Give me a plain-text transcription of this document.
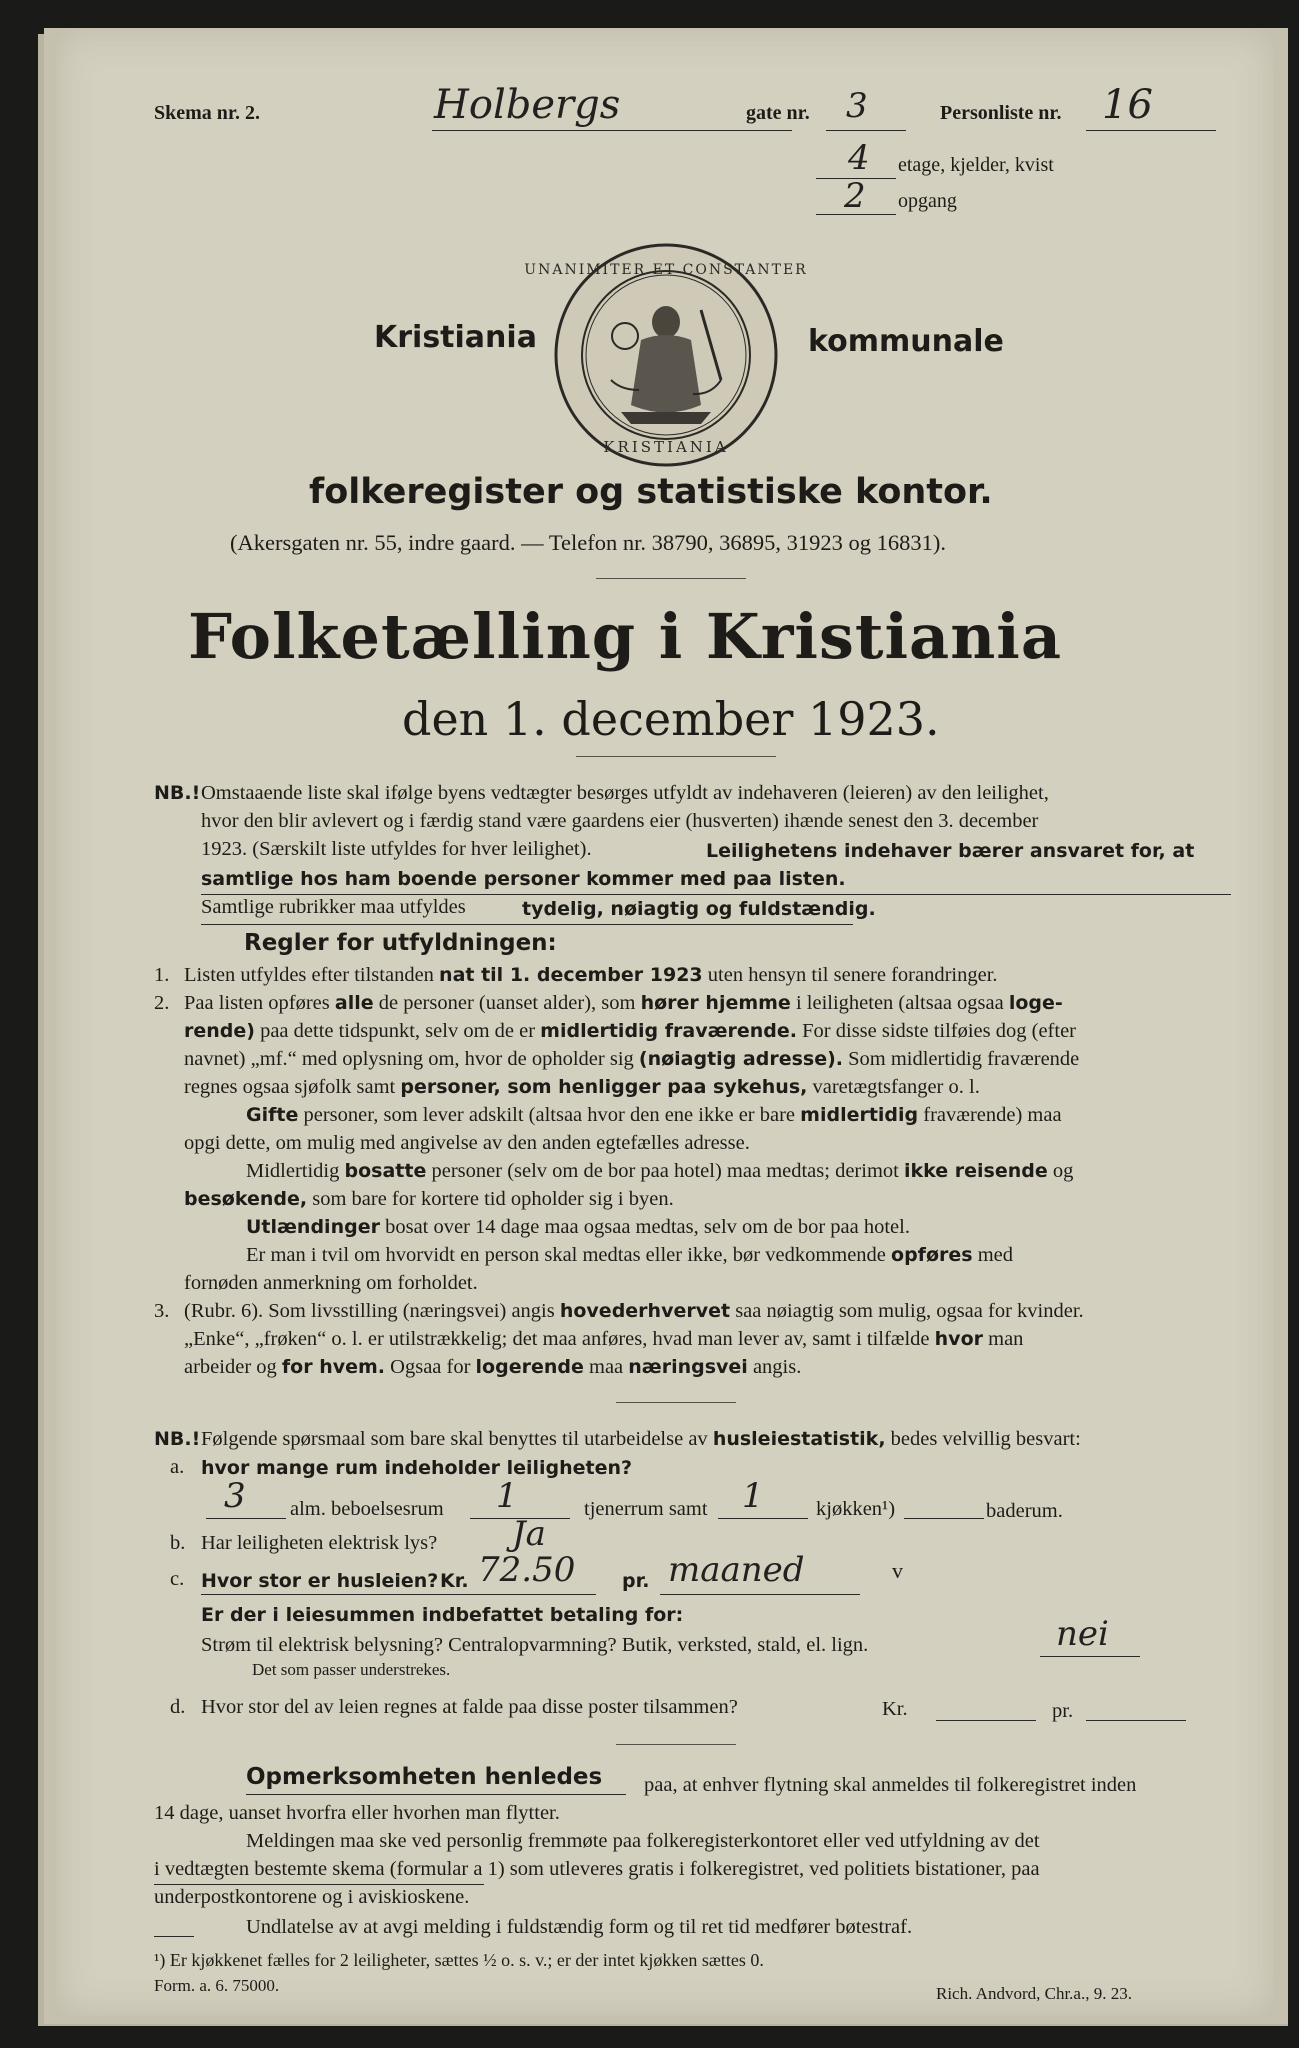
Skema nr. 2.	Holbergs	gate nr. 3	Personliste nr. 16
4 etage, kjelder, kvist
2 opgang
Kristiania	kommunale
UNANIMITER ET CONSTANTER
KRISTIANIA
folkeregister og statistiske kontor.
(Akersgaten nr. 55, indre gaard. — Telefon nr. 38790, 36895, 31923 og 16831).
Folketælling i Kristiania
den 1. december 1923.
NB.! Omstaaende liste skal ifølge byens vedtægter besørges utfyldt av indehaveren (leieren) av den leilighet,
hvor den blir avlevert og i færdig stand være gaardens eier (husverten) ihænde senest den 3. december
1923. (Særskilt liste utfyldes for hver leilighet).	Leilighetens indehaver bærer ansvaret for, at
samtlige hos ham boende personer kommer med paa listen.
Samtlige rubrikker maa utfyldes	tydelig, nøiagtig og fuldstændig.
Regler for utfyldningen:
1. Listen utfyldes efter tilstanden nat til 1. december 1923 uten hensyn til senere forandringer.
2. Paa listen opføres alle de personer (uanset alder), som hører hjemme i leiligheten (altsaa ogsaa loge-
rende) paa dette tidspunkt, selv om de er midlertidig fraværende. For disse sidste tilføies dog (efter
navnet) „mf.“ med oplysning om, hvor de opholder sig (nøiagtig adresse). Som midlertidig fraværende
regnes ogsaa sjøfolk samt personer, som henligger paa sykehus, varetægtsfanger o. l.
Gifte personer, som lever adskilt (altsaa hvor den ene ikke er bare midlertidig fraværende) maa
opgi dette, om mulig med angivelse av den anden egtefælles adresse.
Midlertidig bosatte personer (selv om de bor paa hotel) maa medtas; derimot ikke reisende og
besøkende, som bare for kortere tid opholder sig i byen.
Utlændinger bosat over 14 dage maa ogsaa medtas, selv om de bor paa hotel.
Er man i tvil om hvorvidt en person skal medtas eller ikke, bør vedkommende opføres med
fornøden anmerkning om forholdet.
3. (Rubr. 6). Som livsstilling (næringsvei) angis hovederhvervet saa nøiagtig som mulig, ogsaa for kvinder.
„Enke“, „frøken“ o. l. er utilstrækkelig; det maa anføres, hvad man lever av, samt i tilfælde hvor man
arbeider og for hvem. Ogsaa for logerende maa næringsvei angis.
NB.! Følgende spørsmaal som bare skal benyttes til utarbeidelse av husleiestatistik, bedes velvillig besvart:
a. hvor mange rum indeholder leiligheten?
3 alm. beboelsesrum 1	tjenerrum samt 1	kjøkken¹)	baderum.
b. Har leiligheten elektrisk lys? Ja
c. Hvor stor er husleien? Kr. 72.50 pr. maaned	v
Er der i leiesummen indbefattet betaling for:
Strøm til elektrisk belysning? Centralopvarmning? Butik, verksted, stald, el. lign.	nei
Det som passer understrekes.
d. Hvor stor del av leien regnes at falde paa disse poster tilsammen?	Kr.	pr.
Opmerksomheten henledes paa, at enhver flytning skal anmeldes til folkeregistret inden
14 dage, uanset hvorfra eller hvorhen man flytter.
Meldingen maa ske ved personlig fremmøte paa folkeregisterkontoret eller ved utfyldning av det
i vedtægten bestemte skema (formular a 1) som utleveres gratis i folkeregistret, ved politiets bistationer, paa
underpostkontorene og i aviskioskene.
Undlatelse av at avgi melding i fuldstændig form og til ret tid medfører bøtestraf.
¹) Er kjøkkenet fælles for 2 leiligheter, sættes ½ o. s. v.; er der intet kjøkken sættes 0.
Form. a. 6. 75000.	Rich. Andvord, Chr.a., 9. 23.
